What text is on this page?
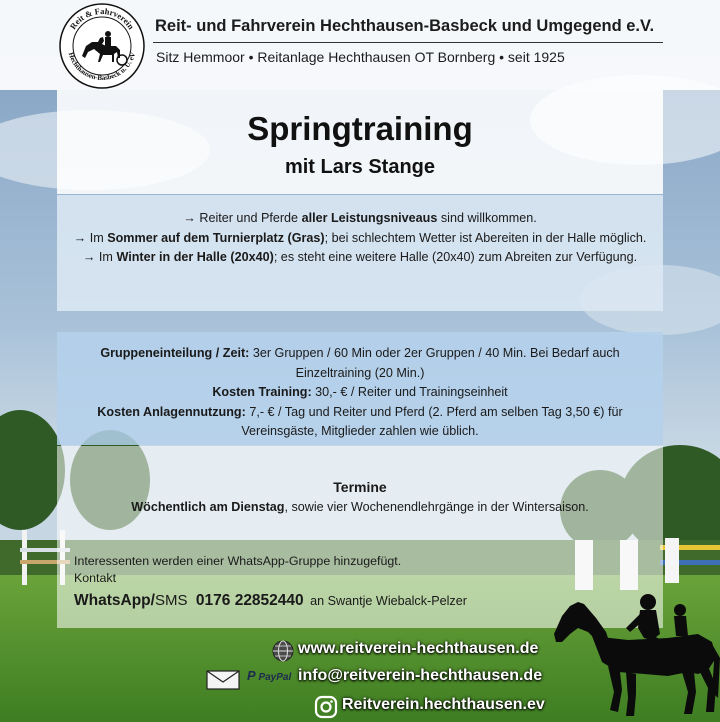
Reit & Fahrverein
Hechthausen-Basbeck u. U. eV
Reit- und Fahrverein Hechthausen-Basbeck und Umgegend e.V.
Sitz Hemmoor • Reitanlage Hechthausen OT Bornberg • seit 1925
Springtraining
mit Lars Stange
→ Reiter und Pferde aller Leistungsniveaus sind willkommen.
→ Im Sommer auf dem Turnierplatz (Gras); bei schlechtem Wetter ist Abereiten in der Halle möglich.
→ Im Winter in der Halle (20x40); es steht eine weitere Halle (20x40) zum Abreiten zur Verfügung.
Gruppeneinteilung / Zeit: 3er Gruppen / 60 Min oder 2er Gruppen / 40 Min. Bei Bedarf auch Einzeltraining (20 Min.)
Kosten Training: 30,- € / Reiter und Trainingseinheit
Kosten Anlagennutzung: 7,- € / Tag und Reiter und Pferd (2. Pferd am selben Tag 3,50 €) für Vereinsgäste, Mitglieder zahlen wie üblich.
Termine
Wöchentlich am Dienstag, sowie vier Wochenendlehrgänge in der Wintersaison.
Interessenten werden einer WhatsApp-Gruppe hinzugefügt.
Kontakt
WhatsApp/SMS 0176 22852440 an Swantje Wiebalck-Pelzer
P PayPal
www.reitverein-hechthausen.de
info@reitverein-hechthausen.de
Reitverein.hechthausen.ev
